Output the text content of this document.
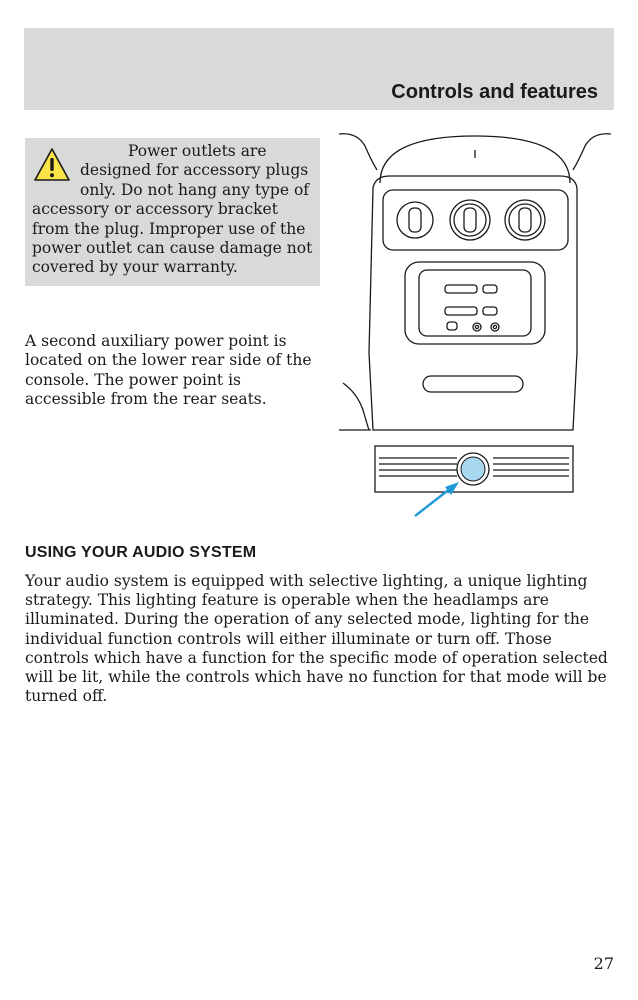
Controls and features
Power outlets are designed for accessory plugs only. Do not hang any type of accessory or accessory bracket from the plug. Improper use of the power outlet can cause damage not covered by your warranty.
A second auxiliary power point is located on the lower rear side of the console. The power point is accessible from the rear seats.
USING YOUR AUDIO SYSTEM
Your audio system is equipped with selective lighting, a unique lighting strategy. This lighting feature is operable when the headlamps are illuminated. During the operation of any selected mode, lighting for the individual function controls will either illuminate or turn off. Those controls which have a function for the specific mode of operation selected will be lit, while the controls which have no function for that mode will be turned off.
27
